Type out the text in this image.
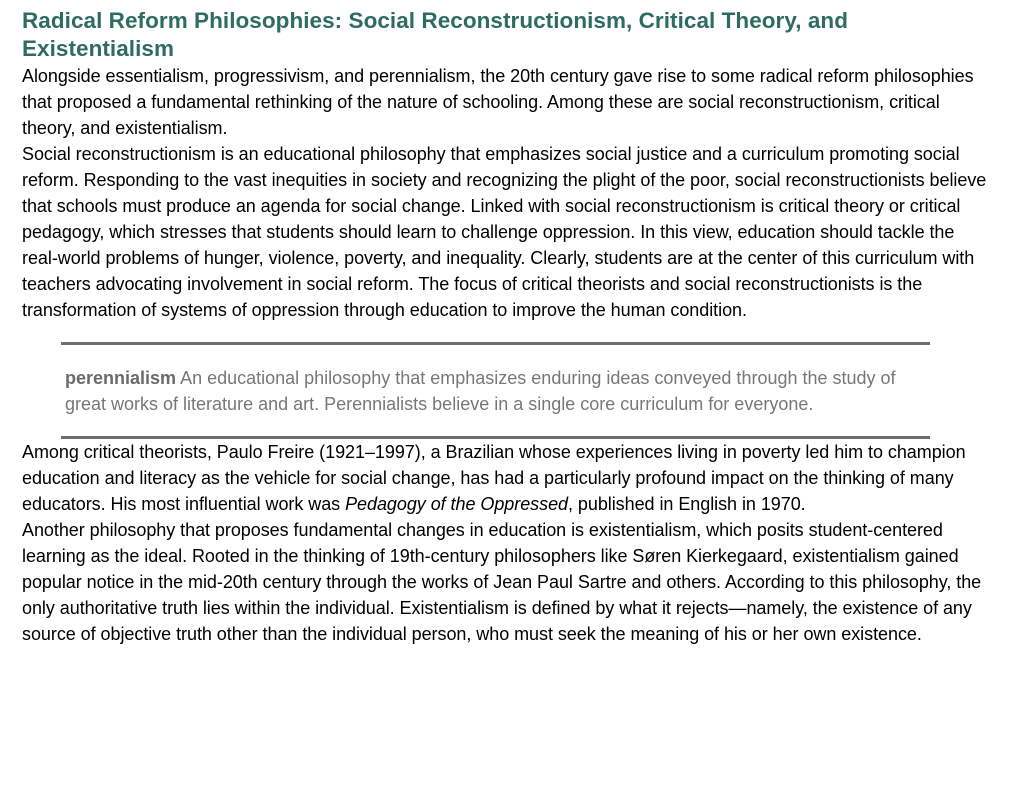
Radical Reform Philosophies: Social Reconstructionism, Critical Theory, and Existentialism

Alongside essentialism, progressivism, and perennialism, the 20th century gave rise to some radical reform philosophies that proposed a fundamental rethinking of the nature of schooling. Among these are social reconstructionism, critical theory, and existentialism.

Social reconstructionism is an educational philosophy that emphasizes social justice and a curriculum promoting social reform. Responding to the vast inequities in society and recognizing the plight of the poor, social reconstructionists believe that schools must produce an agenda for social change. Linked with social reconstructionism is critical theory or critical pedagogy, which stresses that students should learn to challenge oppression. In this view, education should tackle the real-world problems of hunger, violence, poverty, and inequality. Clearly, students are at the center of this curriculum with teachers advocating involvement in social reform. The focus of critical theorists and social reconstructionists is the transformation of systems of oppression through education to improve the human condition.

perennialism An educational philosophy that emphasizes enduring ideas conveyed through the study of great works of literature and art. Perennialists believe in a single core curriculum for everyone.

Among critical theorists, Paulo Freire (1921–1997), a Brazilian whose experiences living in poverty led him to champion education and literacy as the vehicle for social change, has had a particularly profound impact on the thinking of many educators. His most influential work was Pedagogy of the Oppressed, published in English in 1970.

Another philosophy that proposes fundamental changes in education is existentialism, which posits student-centered learning as the ideal. Rooted in the thinking of 19th-century philosophers like Søren Kierkegaard, existentialism gained popular notice in the mid-20th century through the works of Jean Paul Sartre and others. According to this philosophy, the only authoritative truth lies within the individual. Existentialism is defined by what it rejects—namely, the existence of any source of objective truth other than the individual person, who must seek the meaning of his or her own existence.
